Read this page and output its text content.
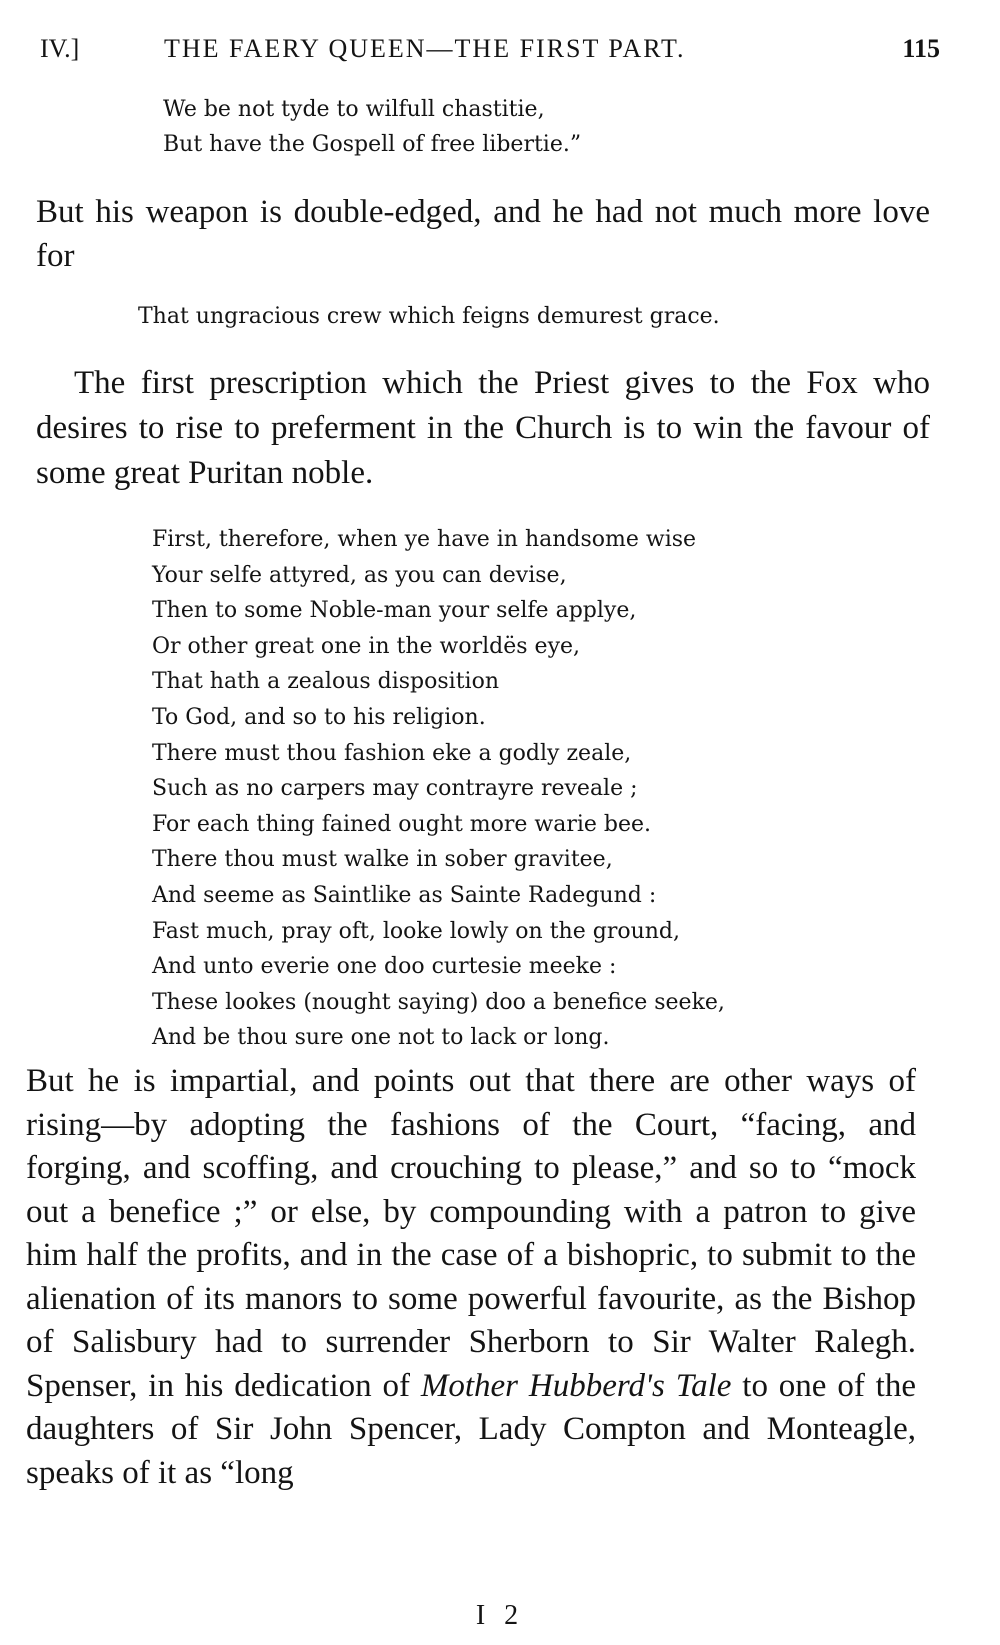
IV.]	THE FAERY QUEEN—THE FIRST PART.	115
We be not tyde to wilfull chastitie,
But have the Gospell of free libertie.”

But his weapon is double-edged, and he had not much more love for

That ungracious crew which feigns demurest grace.

The first prescription which the Priest gives to the Fox who desires to rise to preferment in the Church is to win the favour of some great Puritan noble.

First, therefore, when ye have in handsome wise
Your selfe attyred, as you can devise,
Then to some Noble-man your selfe applye,
Or other great one in the worldës eye,
That hath a zealous disposition
To God, and so to his religion.
There must thou fashion eke a godly zeale,
Such as no carpers may contrayre reveale ;
For each thing fained ought more warie bee.
There thou must walke in sober gravitee,
And seeme as Saintlike as Sainte Radegund :
Fast much, pray oft, looke lowly on the ground,
And unto everie one doo curtesie meeke :
These lookes (nought saying) doo a benefice seeke,
And be thou sure one not to lack or long.

But he is impartial, and points out that there are other ways of rising—by adopting the fashions of the Court, “facing, and forging, and scoffing, and crouching to please,” and so to “mock out a benefice ;” or else, by compounding with a patron to give him half the profits, and in the case of a bishopric, to submit to the alienation of its manors to some powerful favourite, as the Bishop of Salisbury had to surrender Sherborn to Sir Walter Ralegh. Spenser, in his dedication of Mother Hubberd's Tale to one of the daughters of Sir John Spencer, Lady Compton and Monteagle, speaks of it as “long

I 2
